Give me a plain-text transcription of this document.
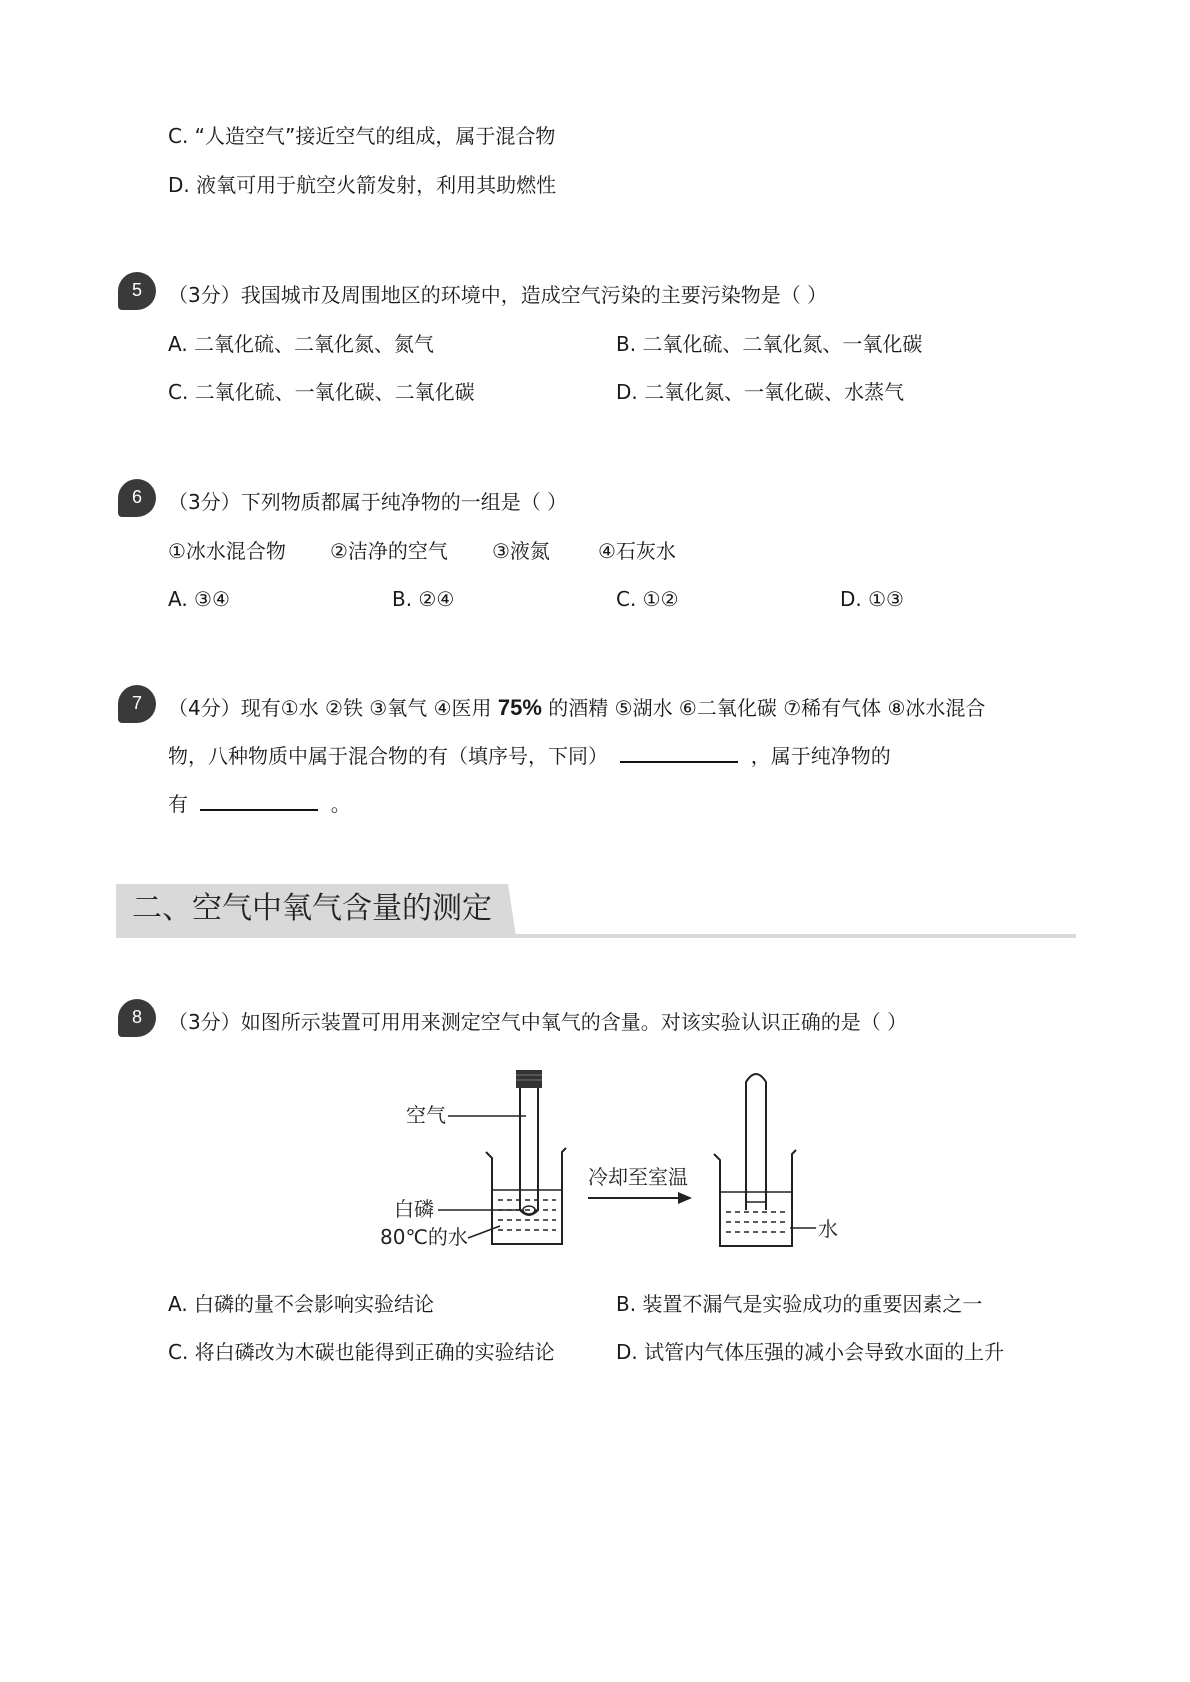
C. “人造空气”接近空气的组成，属于混合物
D. 液氧可用于航空火箭发射，利用其助燃性
5	（3分）我国城市及周围地区的环境中，造成空气污染的主要污染物是（ ）
A. 二氧化硫、二氧化氮、氮气	B. 二氧化硫、二氧化氮、一氧化碳
C. 二氧化硫、一氧化碳、二氧化碳	D. 二氧化氮、一氧化碳、水蒸气
6	（3分）下列物质都属于纯净物的一组是（ ）
①冰水混合物 ②洁净的空气 ③液氮 ④石灰水
A. ③④	B. ②④	C. ①②	D. ①③
7	（4分）现有①水 ②铁 ③氧气 ④医用 75% 的酒精 ⑤湖水 ⑥二氧化碳 ⑦稀有气体 ⑧冰水混合
物，八种物质中属于混合物的有（填序号，下同）	，属于纯净物的
有	。
二、空气中氧气含量的测定
8	（3分）如图所示装置可用用来测定空气中氧气的含量。对该实验认识正确的是（ ）
空气
白磷
80℃的水
冷却至室温
水
A. 白磷的量不会影响实验结论	B. 装置不漏气是实验成功的重要因素之一
C. 将白磷改为木碳也能得到正确的实验结论	D. 试管内气体压强的减小会导致水面的上升
